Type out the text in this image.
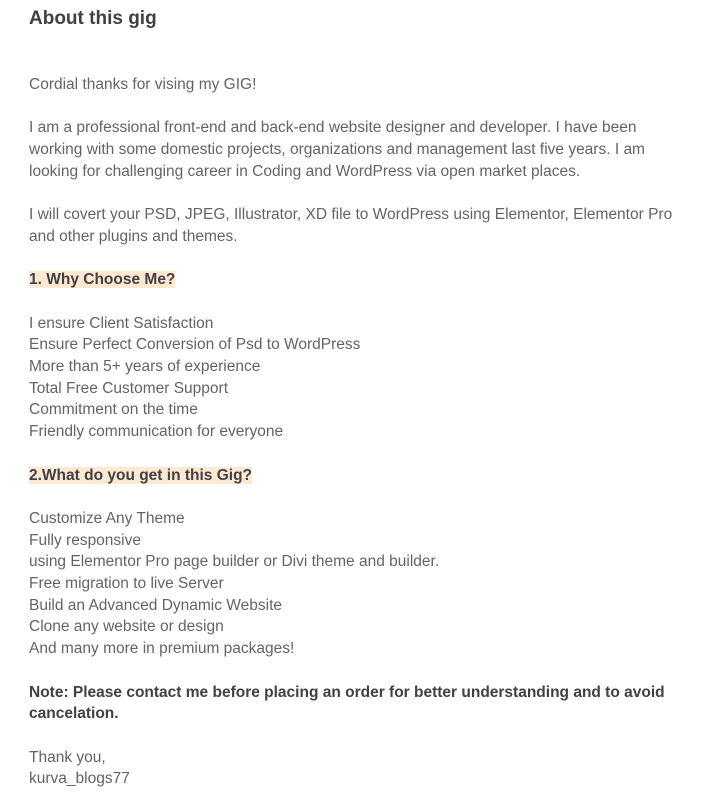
About this gig

Cordial thanks for vising my GIG!

I am a professional front-end and back-end website designer and developer. I have been
working with some domestic projects, organizations and management last five years. I am
looking for challenging career in Coding and WordPress via open market places.

I will covert your PSD, JPEG, Illustrator, XD file to WordPress using Elementor, Elementor Pro
and other plugins and themes.

1. Why Choose Me?

I ensure Client Satisfaction
Ensure Perfect Conversion of Psd to WordPress
More than 5+ years of experience
Total Free Customer Support
Commitment on the time
Friendly communication for everyone

2.What do you get in this Gig?

Customize Any Theme
Fully responsive
using Elementor Pro page builder or Divi theme and builder.
Free migration to live Server
Build an Advanced Dynamic Website
Clone any website or design
And many more in premium packages!

Note: Please contact me before placing an order for better understanding and to avoid
cancelation.

Thank you,
kurva_blogs77
